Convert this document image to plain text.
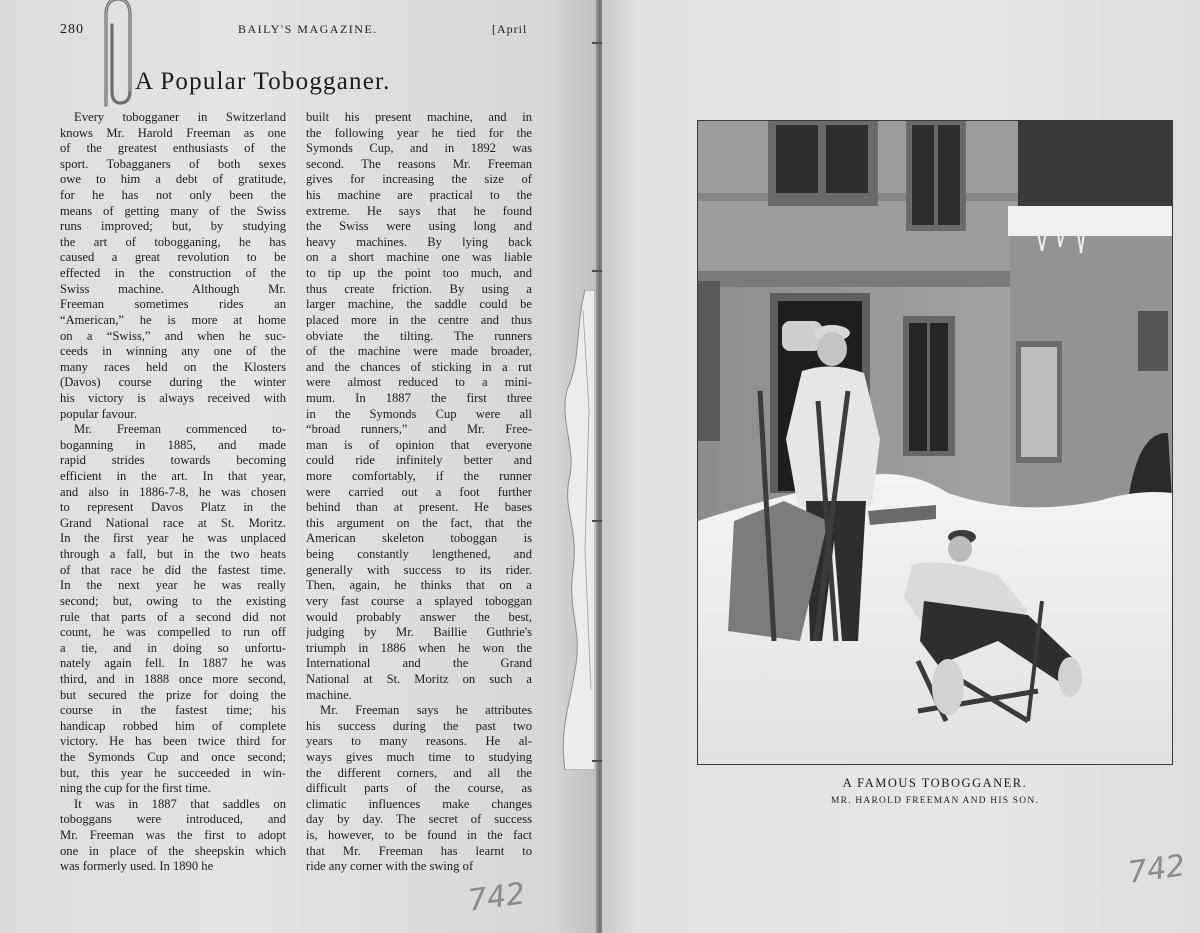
280	BAILY'S MAGAZINE.	[April
A Popular Tobogganer.
Every tobogganer in Switzerland
knows Mr. Harold Freeman as one
of the greatest enthusiasts of the
sport. Tobagganers of both sexes
owe to him a debt of gratitude,
for he has not only been the
means of getting many of the Swiss
runs improved; but, by studying
the art of tobogganing, he has
caused a great revolution to be
effected in the construction of the
Swiss machine. Although Mr.
Freeman sometimes rides an
“American,” he is more at home
on a “Swiss,” and when he suc-
ceeds in winning any one of the
many races held on the Klosters
(Davos) course during the winter
his victory is always received with
popular favour.
Mr. Freeman commenced to-
boganning in 1885, and made
rapid strides towards becoming
efficient in the art. In that year,
and also in 1886-7-8, he was chosen
to represent Davos Platz in the
Grand National race at St. Moritz.
In the first year he was unplaced
through a fall, but in the two heats
of that race he did the fastest time.
In the next year he was really
second; but, owing to the existing
rule that parts of a second did not
count, he was compelled to run off
a tie, and in doing so unfortu-
nately again fell. In 1887 he was
third, and in 1888 once more second,
but secured the prize for doing the
course in the fastest time; his
handicap robbed him of complete
victory. He has been twice third for
the Symonds Cup and once second;
but, this year he succeeded in win-
ning the cup for the first time.
It was in 1887 that saddles on
toboggans were introduced, and
Mr. Freeman was the first to adopt
one in place of the sheepskin which
was formerly used. In 1890 he
built his present machine, and in
the following year he tied for the
Symonds Cup, and in 1892 was
second. The reasons Mr. Freeman
gives for increasing the size of
his machine are practical to the
extreme. He says that he found
the Swiss were using long and
heavy machines. By lying back
on a short machine one was liable
to tip up the point too much, and
thus create friction. By using a
larger machine, the saddle could be
placed more in the centre and thus
obviate the tilting. The runners
of the machine were made broader,
and the chances of sticking in a rut
were almost reduced to a mini-
mum. In 1887 the first three
in the Symonds Cup were all
“broad runners,” and Mr. Free-
man is of opinion that everyone
could ride infinitely better and
more comfortably, if the runner
were carried out a foot further
behind than at present. He bases
this argument on the fact, that the
American skeleton toboggan is
being constantly lengthened, and
generally with success to its rider.
Then, again, he thinks that on a
very fast course a splayed toboggan
would probably answer the best,
judging by Mr. Baillie Guthrie's
triumph in 1886 when he won the
International and the Grand
National at St. Moritz on such a
machine.
Mr. Freeman says he attributes
his success during the past two
years to many reasons. He al-
ways gives much time to studying
the different corners, and all the
difficult parts of the course, as
climatic influences make changes
day by day. The secret of success
is, however, to be found in the fact
that Mr. Freeman has learnt to
ride any corner with the swing of
742
A FAMOUS TOBOGGANER.
MR. HAROLD FREEMAN AND HIS SON.
742
